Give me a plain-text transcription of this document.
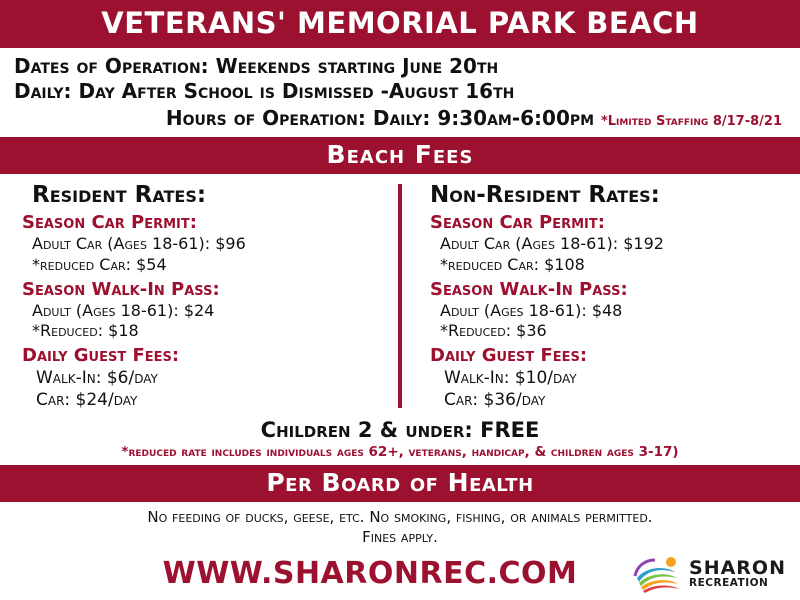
VETERANS' MEMORIAL PARK BEACH
Dates of Operation: Weekends starting June 20th
Daily: Day After School is Dismissed -August 16th
Hours of Operation: Daily: 9:30am-6:00pm *Limited Staffing 8/17-8/21
Beach Fees
Resident Rates:
Season Car Permit:
Adult Car (Ages 18-61): $96
*reduced Car: $54
Season Walk-In Pass:
Adult (Ages 18-61): $24
*Reduced: $18
Daily Guest Fees:
Walk-In: $6/day
Car: $24/day
Non-Resident Rates:
Season Car Permit:
Adult Car (Ages 18-61): $192
*reduced Car: $108
Season Walk-In Pass:
Adult (Ages 18-61): $48
*Reduced: $36
Daily Guest Fees:
Walk-In: $10/day
Car: $36/day
Children 2 & under: FREE
*reduced rate includes individuals ages 62+, veterans, handicap, & children ages 3-17)
Per Board of Health
No feeding of ducks, geese, etc. No smoking, fishing, or animals permitted.
Fines apply.
WWW.SHARONREC.COM	SHARON
RECREATION
